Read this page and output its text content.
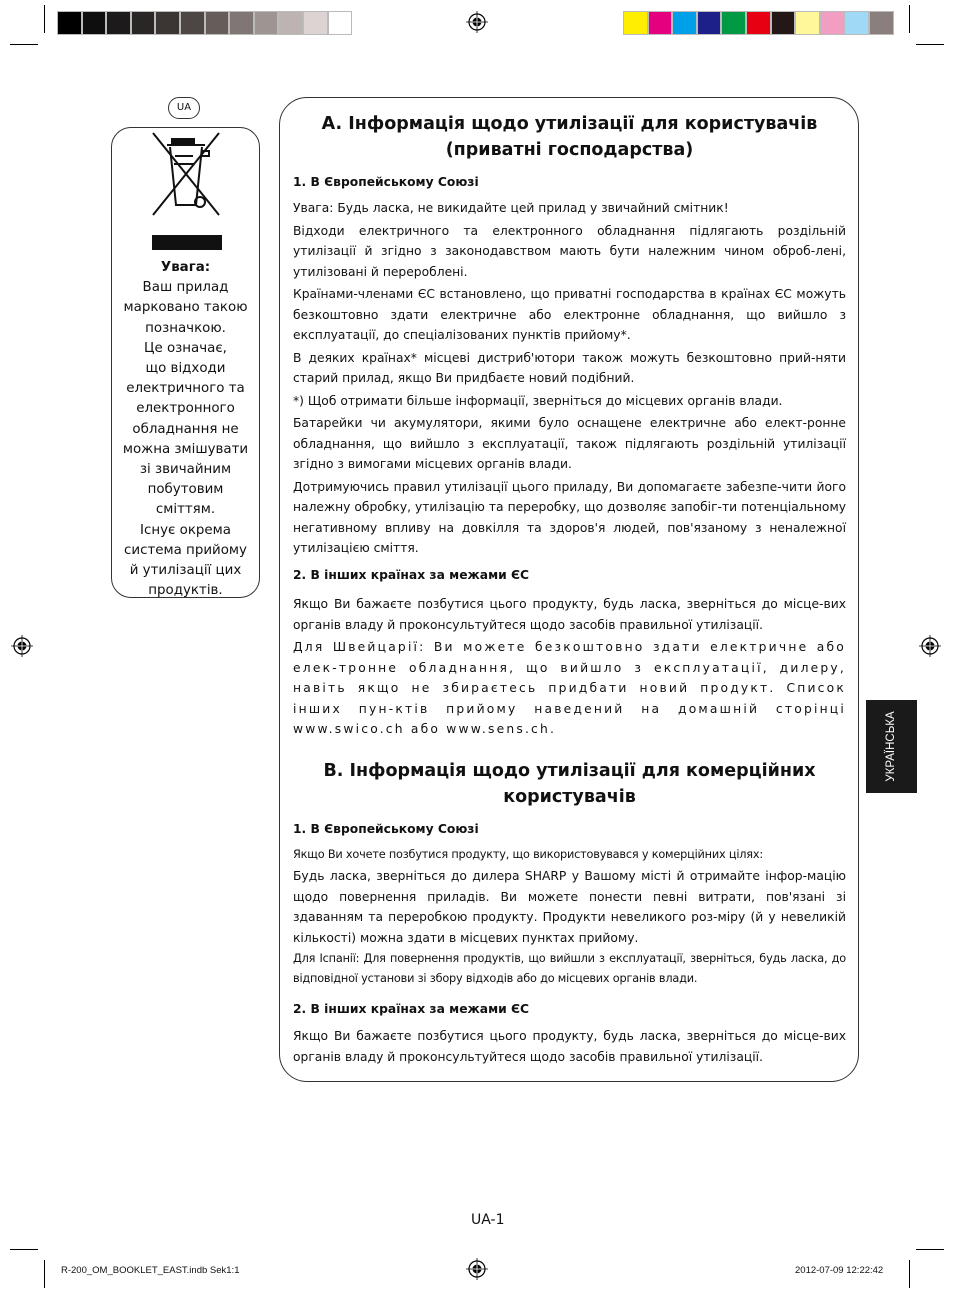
UA
Увага:
Ваш прилад
марковано такою
позначкою.
Це означає,
що відходи
електричного та
електронного
обладнання не
можна змішувати
зі звичайним
побутовим
сміттям.
Існує окрема
система прийому
й утилізації цих
продуктів.
A. Інформація щодо утилізації для користувачів
(приватні господарства)
1. В Європейському Союзі

Увага: Будь ласка, не викидайте цей прилад у звичайний смітник!

Відходи електричного та електронного обладнання підлягають роздільній утилізації й згідно з законодавством мають бути належним чином оброб-лені, утилізовані й перероблені.

Країнами-членами ЄС встановлено, що приватні господарства в країнах ЄС можуть безкоштовно здати електричне або електронне обладнання, що вийшло з експлуатації, до спеціалізованих пунктів прийому*.

В деяких країнах* місцеві дистриб'ютори також можуть безкоштовно прий-няти старий прилад, якщо Ви придбаєте новий подібний.

*) Щоб отримати більше інформації, зверніться до місцевих органів влади.

Батарейки чи акумулятори, якими було оснащене електричне або елект-ронне обладнання, що вийшло з експлуатації, також підлягають роздільній утилізації згідно з вимогами місцевих органів влади.

Дотримуючись правил утилізації цього приладу, Ви допомагаєте забезпе-чити його належну обробку, утилізацію та переробку, що дозволяє запобіг-ти потенціальному негативному впливу на довкілля та здоров'я людей, пов'язаному з неналежної утилізацією сміття.

2. В інших країнах за межами ЄС

Якщо Ви бажаєте позбутися цього продукту, будь ласка, зверніться до місце-вих органів владу й проконсультуйтеся щодо засобів правильної утилізації.

Для Швейцарії: Ви можете безкоштовно здати електричне або елек-тронне обладнання, що вийшло з експлуатації, дилеру, навіть якщо не збираєтесь придбати новий продукт. Список інших пун-ктів прийому наведений на домашній сторінці www.swico.ch або www.sens.ch.

B. Інформація щодо утилізації для комерційних
користувачів
1. В Європейському Союзі

Якщо Ви хочете позбутися продукту, що використовувався у комерційних цілях:

Будь ласка, зверніться до дилера SHARP у Вашому місті й отримайте інфор-мацію щодо повернення приладів. Ви можете понести певні витрати, пов'язані зі здаванням та переробкою продукту. Продукти невеликого роз-міру (й у невеликій кількості) можна здати в місцевих пунктах прийому.

Для Іспанії: Для повернення продуктів, що вийшли з експлуатації, зверніться, будь ласка, до відповідної установи зі збору відходів або до місцевих органів влади.

2. В інших країнах за межами ЄС

Якщо Ви бажаєте позбутися цього продукту, будь ласка, зверніться до місце-вих органів владу й проконсультуйтеся щодо засобів правильної утилізації.

УКРАЇНСЬКА
UA-1
R-200_OM_BOOKLET_EAST.indb Sek1:1	2012-07-09 12:22:42
